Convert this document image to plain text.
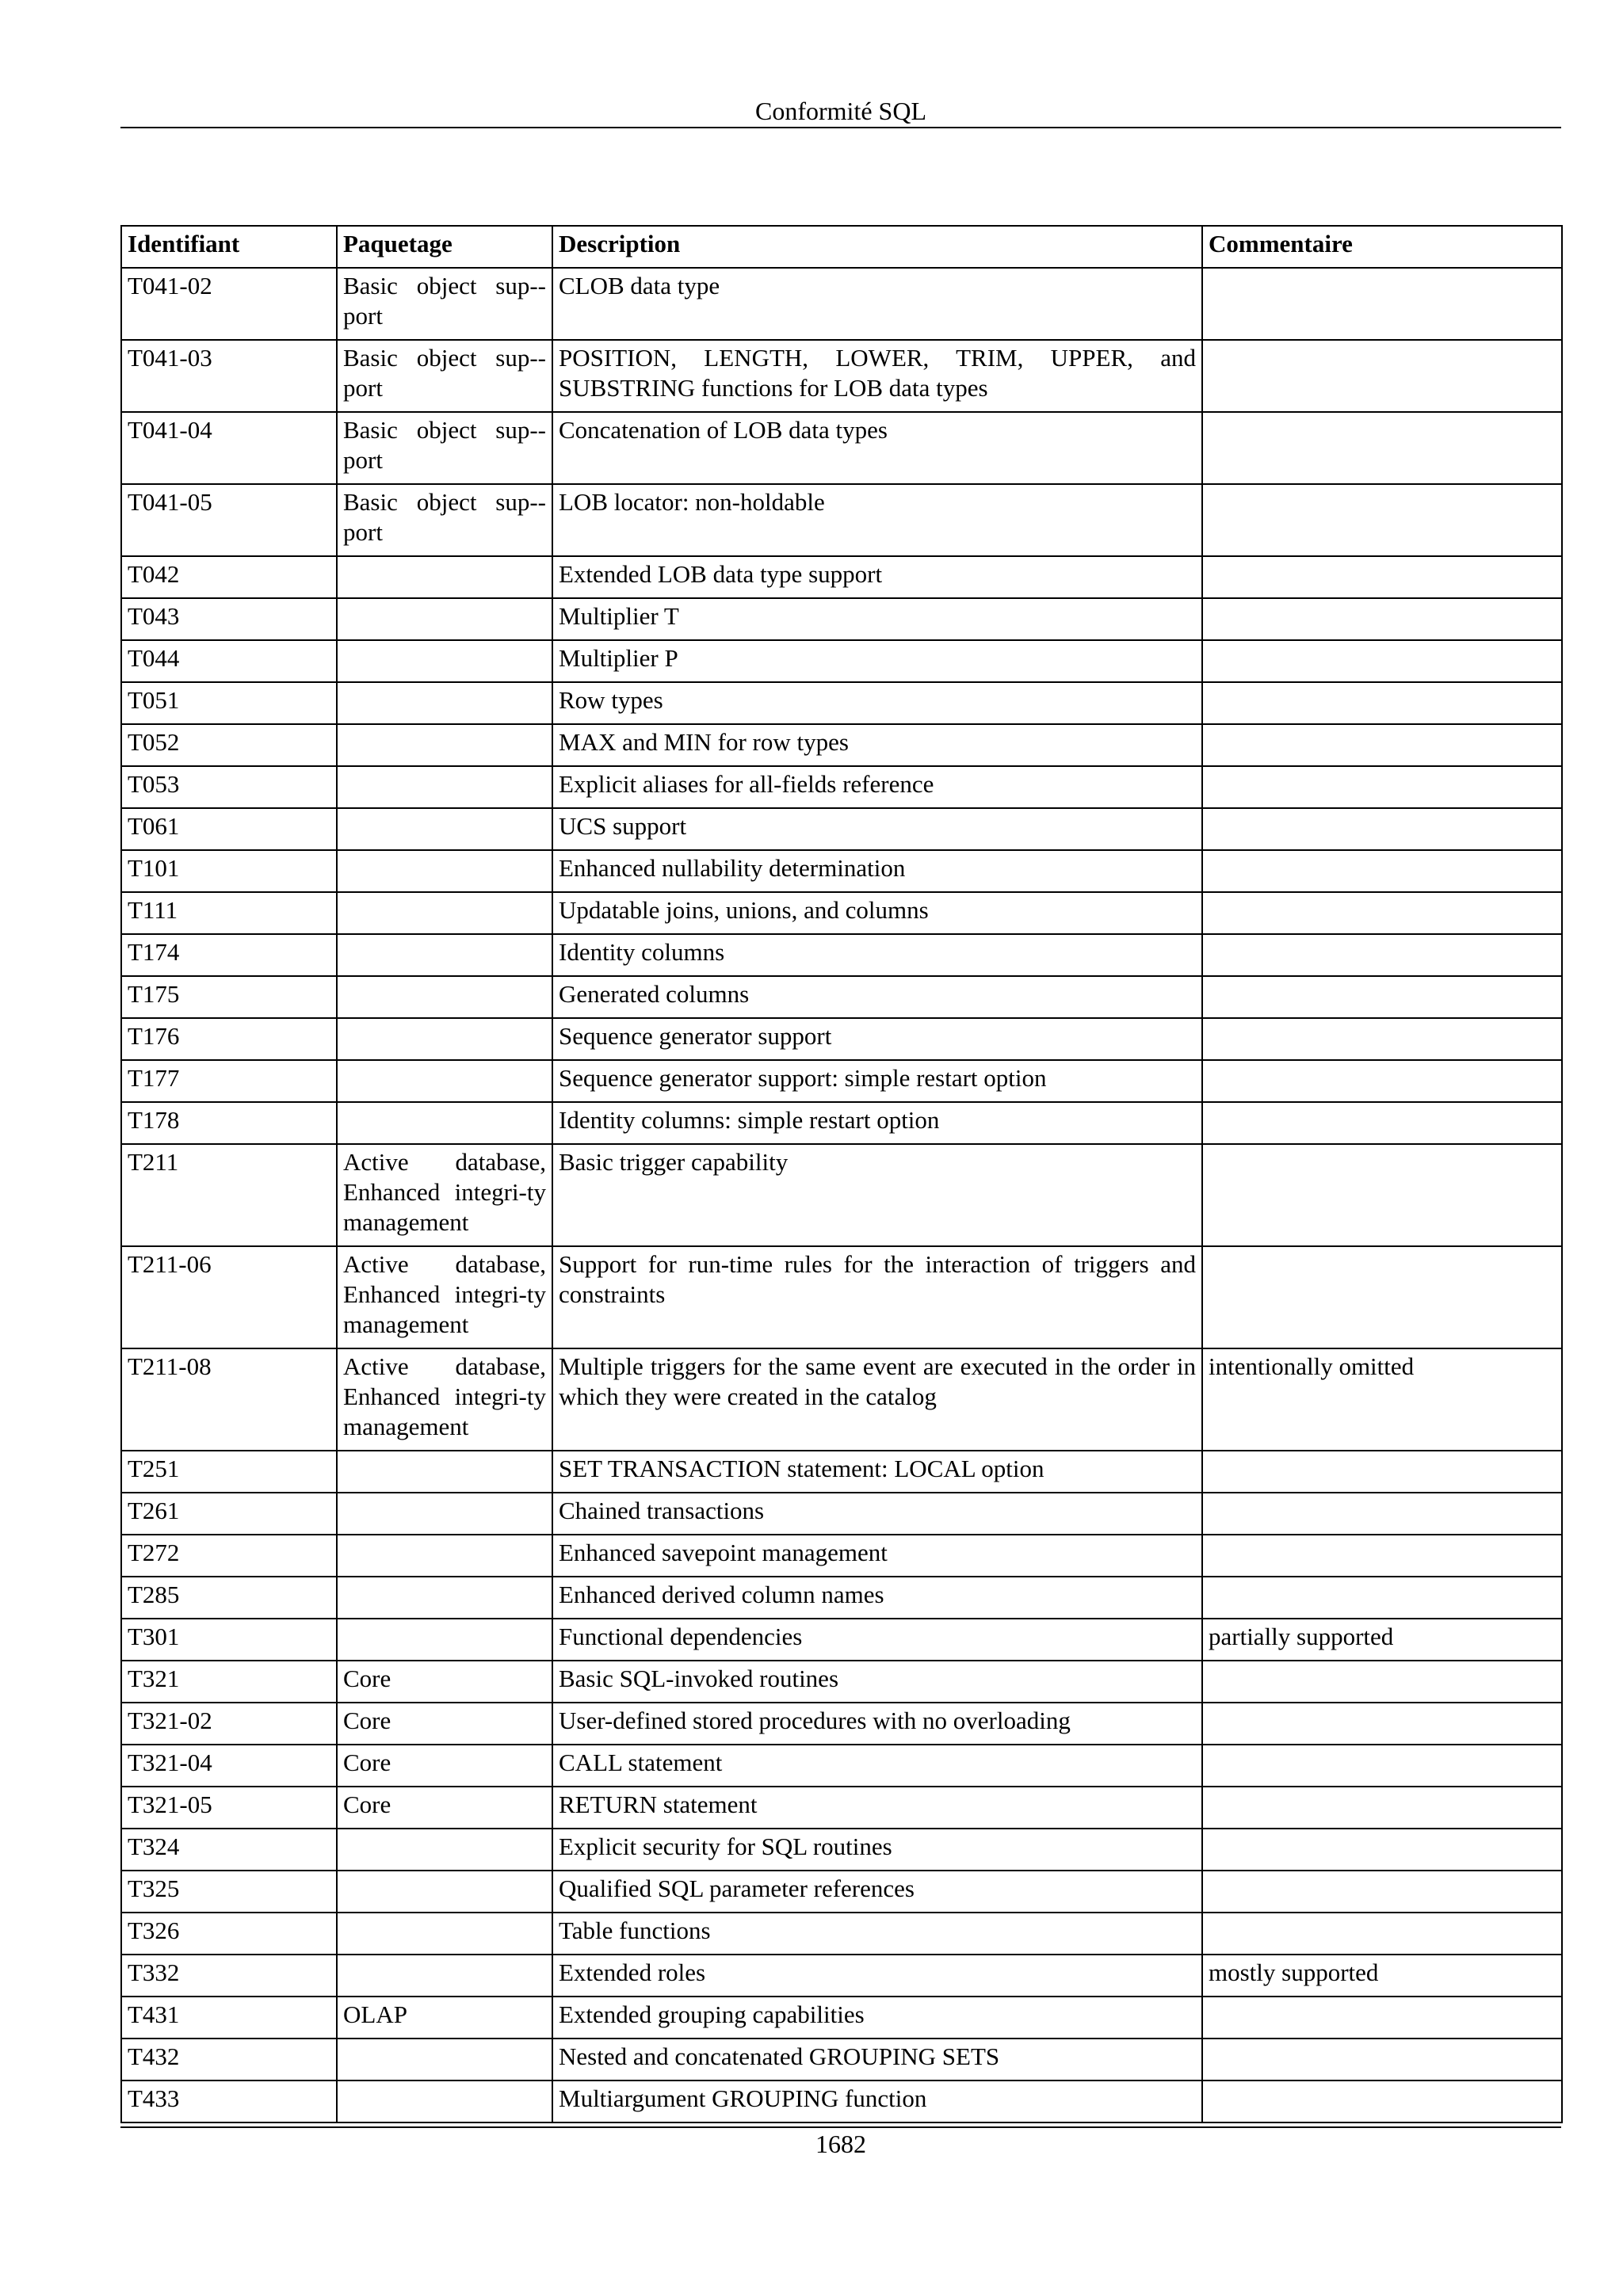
Conformité SQL
Identifiant	Paquetage	Description	Commentaire
T041-02	Basic object sup-port	CLOB data type	
T041-03	Basic object sup-port	POSITION, LENGTH, LOWER, TRIM, UPPER, and SUBSTRING functions for LOB data types	
T041-04	Basic object sup-port	Concatenation of LOB data types	
T041-05	Basic object sup-port	LOB locator: non-holdable	
T042		Extended LOB data type support	
T043		Multiplier T	
T044		Multiplier P	
T051		Row types	
T052		MAX and MIN for row types	
T053		Explicit aliases for all-fields reference	
T061		UCS support	
T101		Enhanced nullability determination	
T111		Updatable joins, unions, and columns	
T174		Identity columns	
T175		Generated columns	
T176		Sequence generator support	
T177		Sequence generator support: simple restart option	
T178		Identity columns: simple restart option	
T211	Active database, Enhanced integri-ty management	Basic trigger capability	
T211-06	Active database, Enhanced integri-ty management	Support for run-time rules for the interaction of triggers and constraints	
T211-08	Active database, Enhanced integri-ty management	Multiple triggers for the same event are executed in the order in which they were created in the catalog	intentionally omitted
T251		SET TRANSACTION statement: LOCAL option	
T261		Chained transactions	
T272		Enhanced savepoint management	
T285		Enhanced derived column names	
T301		Functional dependencies	partially supported
T321	Core	Basic SQL-invoked routines	
T321-02	Core	User-defined stored procedures with no overloading	
T321-04	Core	CALL statement	
T321-05	Core	RETURN statement	
T324		Explicit security for SQL routines	
T325		Qualified SQL parameter references	
T326		Table functions	
T332		Extended roles	mostly supported
T431	OLAP	Extended grouping capabilities	
T432		Nested and concatenated GROUPING SETS	
T433		Multiargument GROUPING function	
1682
